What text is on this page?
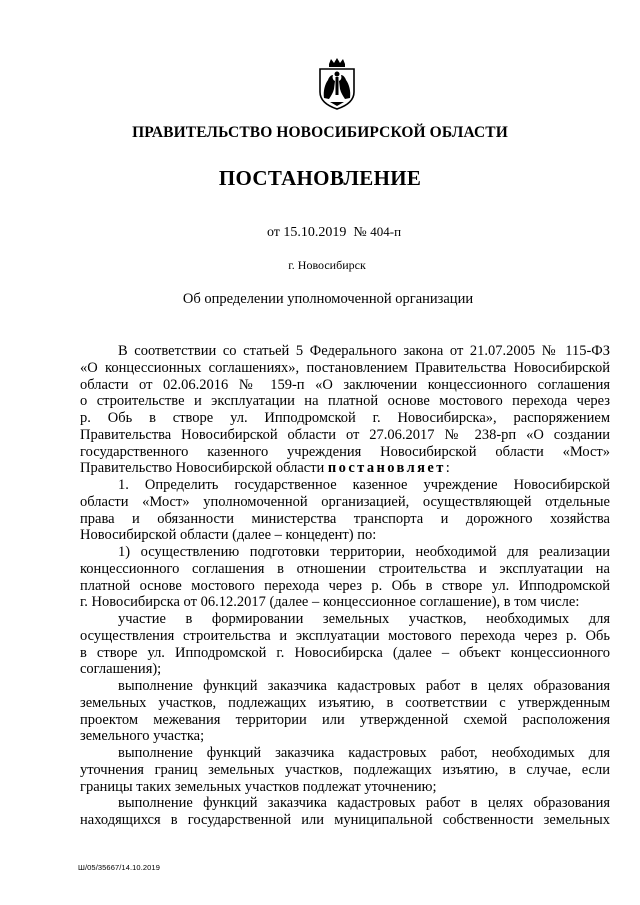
ПРАВИТЕЛЬСТВО НОВОСИБИРСКОЙ ОБЛАСТИ
ПОСТАНОВЛЕНИЕ
от 15.10.2019 № 404-п
г. Новосибирск
Об определении уполномоченной организации
В соответствии со статьей 5 Федерального закона от 21.07.2005 № 115-ФЗ
«О концессионных соглашениях», постановлением Правительства Новосибирской
области от 02.06.2016 № 159-п «О заключении концессионного соглашения
о строительстве и эксплуатации на платной основе мостового перехода через
р. Обь в створе ул. Ипподромской г. Новосибирска», распоряжением
Правительства Новосибирской области от 27.06.2017 № 238-рп «О создании
государственного казенного учреждения Новосибирской области «Мост»
Правительство Новосибирской области постановляет:
1. Определить государственное казенное учреждение Новосибирской
области «Мост» уполномоченной организацией, осуществляющей отдельные
права и обязанности министерства транспорта и дорожного хозяйства
Новосибирской области (далее – концедент) по:
1) осуществлению подготовки территории, необходимой для реализации
концессионного соглашения в отношении строительства и эксплуатации на
платной основе мостового перехода через р. Обь в створе ул. Ипподромской
г. Новосибирска от 06.12.2017 (далее – концессионное соглашение), в том числе:
участие в формировании земельных участков, необходимых для
осуществления строительства и эксплуатации мостового перехода через р. Обь
в створе ул. Ипподромской г. Новосибирска (далее – объект концессионного
соглашения);
выполнение функций заказчика кадастровых работ в целях образования
земельных участков, подлежащих изъятию, в соответствии с утвержденным
проектом межевания территории или утвержденной схемой расположения
земельного участка;
выполнение функций заказчика кадастровых работ, необходимых для
уточнения границ земельных участков, подлежащих изъятию, в случае, если
границы таких земельных участков подлежат уточнению;
выполнение функций заказчика кадастровых работ в целях образования
находящихся в государственной или муниципальной собственности земельных
Ш/05/35667/14.10.2019
